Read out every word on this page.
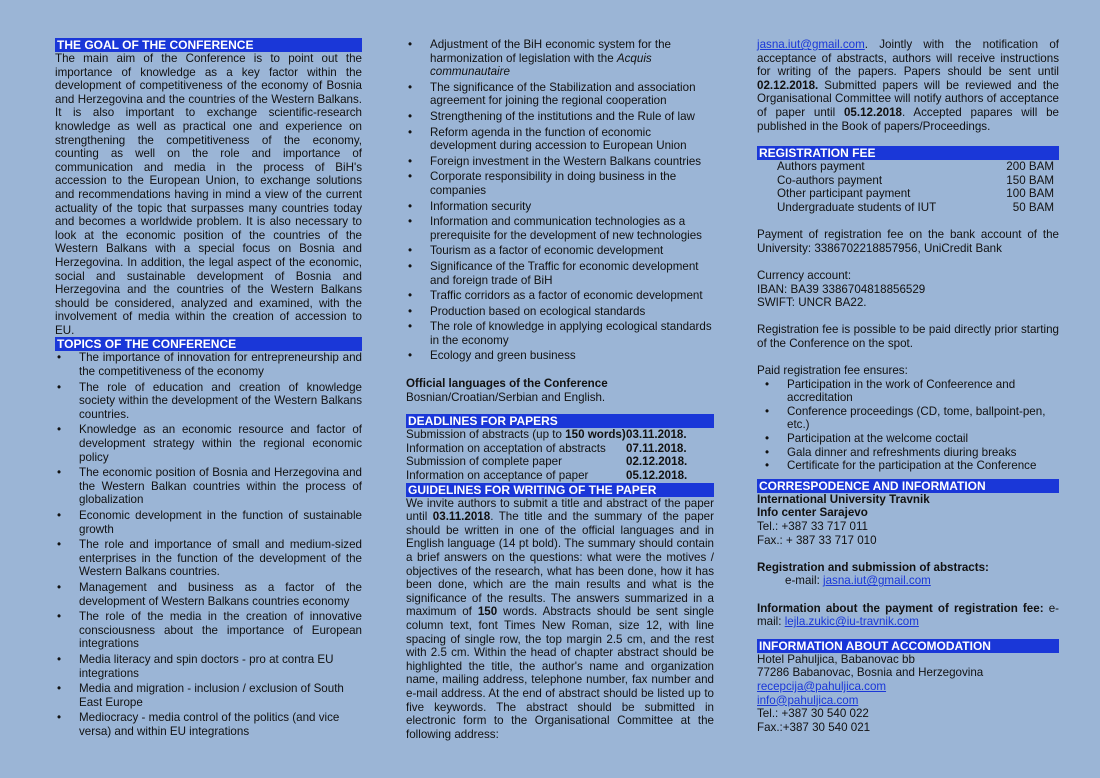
THE GOAL OF THE CONFERENCE
The main aim of the Conference is to point out the importance of knowledge as a key factor within the development of competitiveness of the economy of Bosnia and Herzegovina and the countries of the Western Balkans. It is also important to exchange scientific-research knowledge as well as practical one and experience on strengthening the competitiveness of the economy, counting as well on the role and importance of communication and media in the process of BiH's accession to the European Union, to exchange solutions and recommendations having in mind a view of the current actuality of the topic that surpasses many countries today and becomes a worldwide problem. It is also necessary to look at the economic position of the countries of the Western Balkans with a special focus on Bosnia and Herzegovina. In addition, the legal aspect of the economic, social and sustainable development of Bosnia and Herzegovina and the countries of the Western Balkans should be considered, analyzed and examined, with the involvement of media within the creation of accession to EU.
TOPICS OF THE CONFERENCE
• The importance of innovation for entrepreneurship and the competitiveness of the economy
• The role of education and creation of knowledge society within the development of the Western Balkans countries.
• Knowledge as an economic resource and factor of development strategy within the regional economic policy
• The economic position of Bosnia and Herzegovina and the Western Balkan countries within the process of globalization
• Economic development in the function of sustainable growth
• The role and importance of small and medium-sized enterprises in the function of the development of the Western Balkans countries.
• Management and business as a factor of the development of Western Balkans countries economy
• The role of the media in the creation of innovative consciousness about the importance of European integrations
• Media literacy and spin doctors - pro at contra EU integrations
• Media and migration - inclusion / exclusion of South East Europe
• Mediocracy - media control of the politics (and vice versa) and within EU integrations
• Adjustment of the BiH economic system for the harmonization of legislation with the Acquis communautaire
• The significance of the Stabilization and association agreement for joining the regional cooperation
• Strengthening of the institutions and the Rule of law
• Reform agenda in the function of economic development during accession to European Union
• Foreign investment in the Western Balkans countries
• Corporate responsibility in doing business in the companies
• Information security
• Information and communication technologies as a prerequisite for the development of new technologies
• Tourism as a factor of economic development
• Significance of the Traffic for economic development and foreign trade of BiH
• Traffic corridors as a factor of economic development
• Production based on ecological standards
• The role of knowledge in applying ecological standards in the economy
• Ecology and green business
Official languages of the Conference
Bosnian/Croatian/Serbian and English.
DEADLINES FOR PAPERS
Submission of abstracts (up to 150 words)	03.11.2018.
Information on acceptation of abstracts	07.11.2018.
Submission of complete paper	02.12.2018.
Information on acceptance of paper	05.12.2018.
GUIDELINES FOR WRITING OF THE PAPER
We invite authors to submit a title and abstract of the paper until 03.11.2018. The title and the summary of the paper should be written in one of the official languages and in English language (14 pt bold). The summary should contain a brief answers on the questions: what were the motives / objectives of the research, what has been done, how it has been done, which are the main results and what is the significance of the results. The answers summarized in a maximum of 150 words. Abstracts should be sent single column text, font Times New Roman, size 12, with line spacing of single row, the top margin 2.5 cm, and the rest with 2.5 cm. Within the head of chapter abstract should be highlighted the title, the author's name and organization name, mailing address, telephone number, fax number and e-mail address. At the end of abstract should be listed up to five keywords. The abstract should be submitted in electronic form to the Organisational Committee at the following address:
jasna.iut@gmail.com. Jointly with the notification of acceptance of abstracts, authors will receive instructions for writing of the papers. Papers should be sent until 02.12.2018. Submitted papers will be reviewed and the Organisational Committee will notify authors of acceptance of paper until 05.12.2018. Accepted papares will be published in the Book of papers/Proceedings.
REGISTRATION FEE
Authors payment	200 BAM
Co-authors payment	150 BAM
Other participant payment	100 BAM
Undergraduate students of IUT	50 BAM
Payment of registration fee on the bank account of the University: 3386702218857956, UniCredit Bank
Currency account:
IBAN: BA39 3386704818856529
SWIFT: UNCR BA22.
Registration fee is possible to be paid directly prior starting of the Conference on the spot.
Paid registration fee ensures:
• Participation in the work of Confeerence and accreditation
• Conference proceedings (CD, tome, ballpoint-pen, etc.)
• Participation at the welcome coctail
• Gala dinner and refreshments diuring breaks
• Certificate for the participation at the Conference
CORRESPODENCE AND INFORMATION
International University Travnik
Info center Sarajevo
Tel.: +387 33 717 011
Fax.: + 387 33 717 010
Registration and submission of abstracts:
e-mail: jasna.iut@gmail.com
Information about the payment of registration fee: e-mail: lejla.zukic@iu-travnik.com
INFORMATION ABOUT ACCOMODATION
Hotel Pahuljica, Babanovac bb
77286 Babanovac, Bosnia and Herzegovina
recepcija@pahuljica.com
info@pahuljica.com
Tel.: +387 30 540 022
Fax.:+387 30 540 021
